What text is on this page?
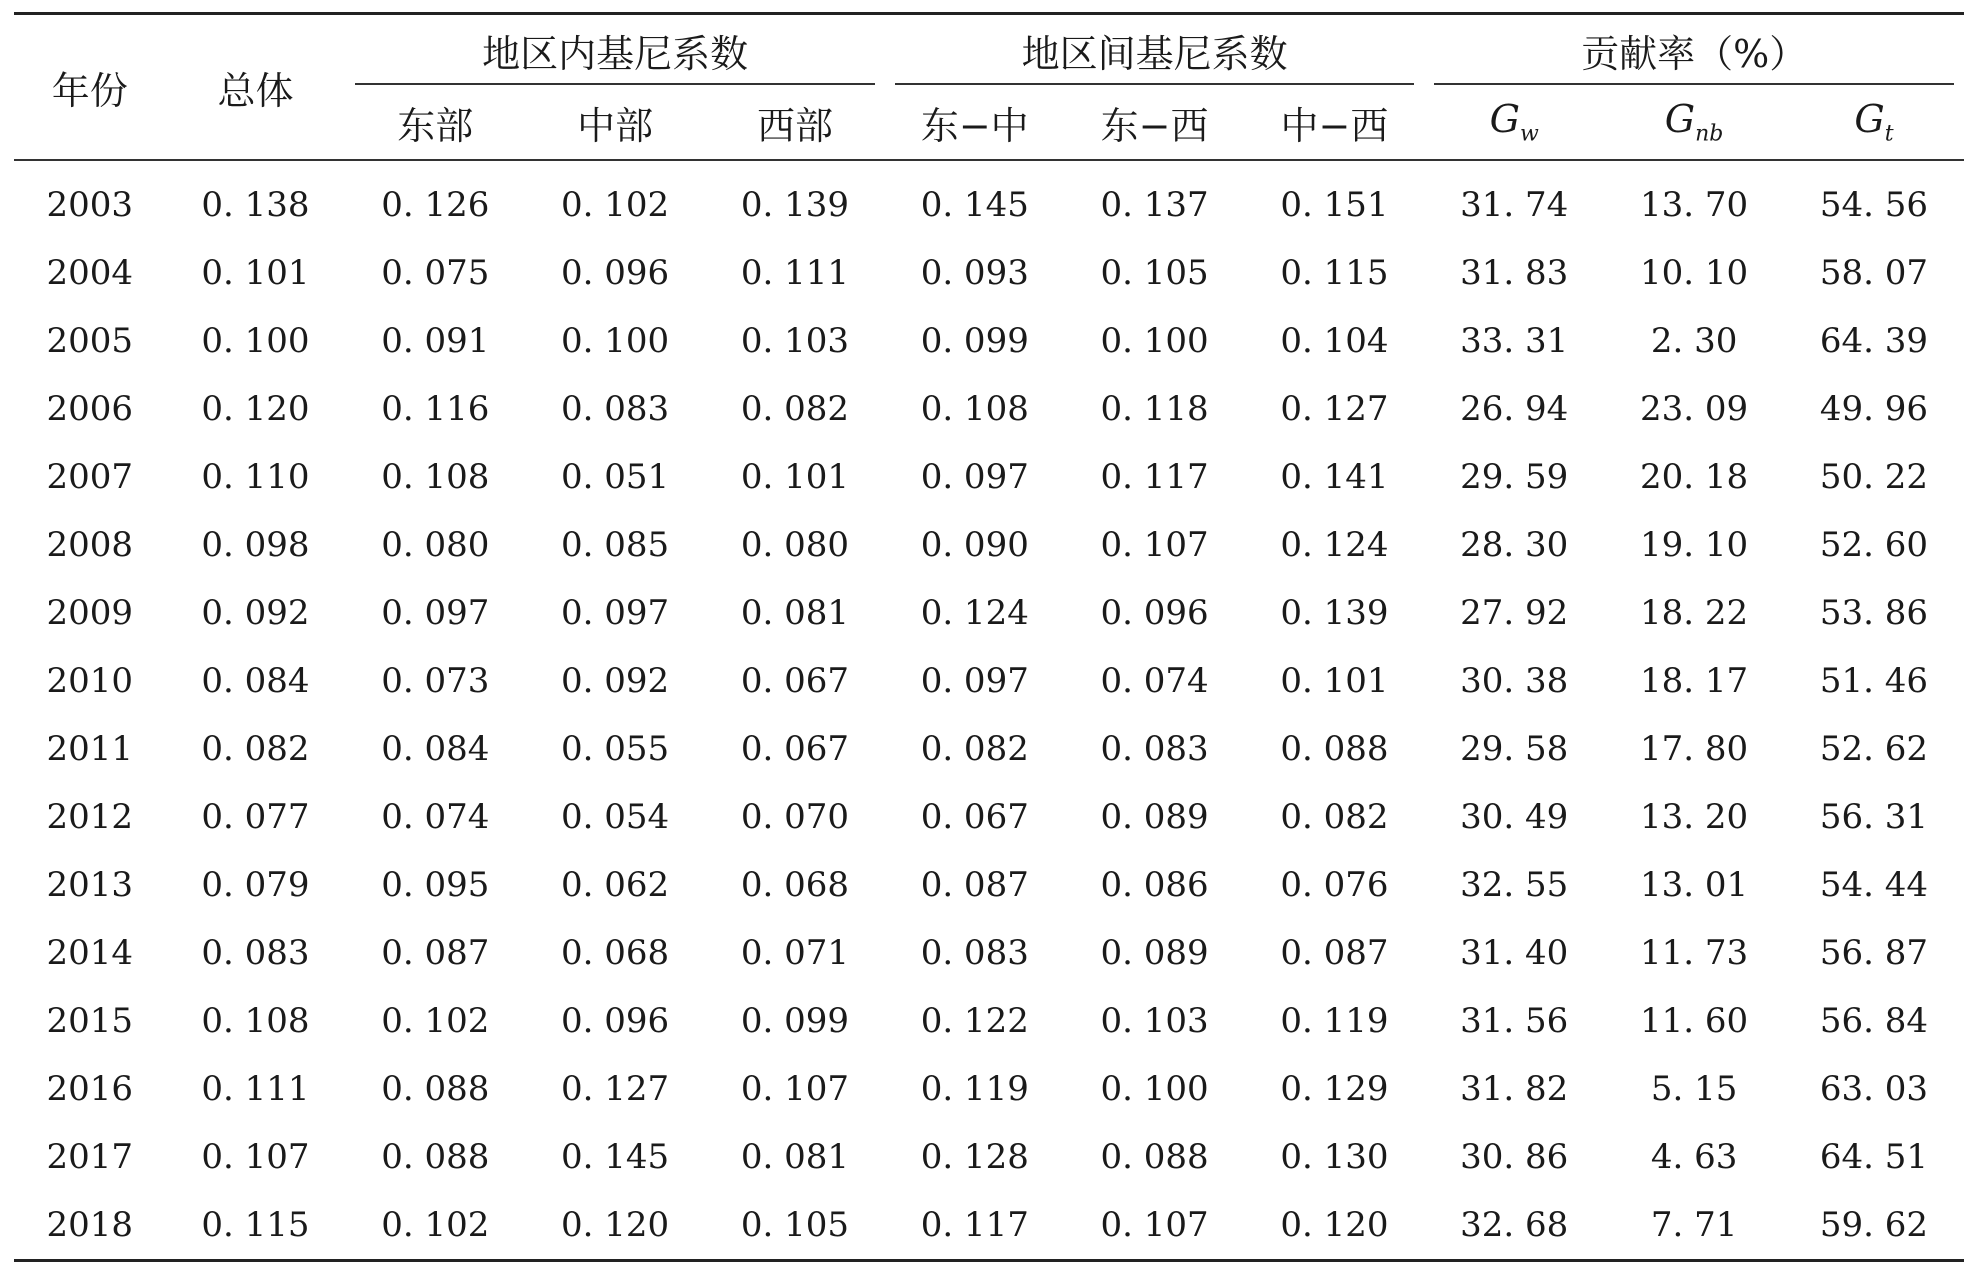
年份	总体	地区内基尼系数			地区间基尼系数			贡献率（%）		
		东部	中部	西部	东−中	东−西	中−西	$G_w$	$G_{nb}$	$G_t$
2003	0. 138	0. 126	0. 102	0. 139	0. 145	0. 137	0. 151	31. 74	13. 70	54. 56
2004	0. 101	0. 075	0. 096	0. 111	0. 093	0. 105	0. 115	31. 83	10. 10	58. 07
2005	0. 100	0. 091	0. 100	0. 103	0. 099	0. 100	0. 104	33. 31	2. 30	64. 39
2006	0. 120	0. 116	0. 083	0. 082	0. 108	0. 118	0. 127	26. 94	23. 09	49. 96
2007	0. 110	0. 108	0. 051	0. 101	0. 097	0. 117	0. 141	29. 59	20. 18	50. 22
2008	0. 098	0. 080	0. 085	0. 080	0. 090	0. 107	0. 124	28. 30	19. 10	52. 60
2009	0. 092	0. 097	0. 097	0. 081	0. 124	0. 096	0. 139	27. 92	18. 22	53. 86
2010	0. 084	0. 073	0. 092	0. 067	0. 097	0. 074	0. 101	30. 38	18. 17	51. 46
2011	0. 082	0. 084	0. 055	0. 067	0. 082	0. 083	0. 088	29. 58	17. 80	52. 62
2012	0. 077	0. 074	0. 054	0. 070	0. 067	0. 089	0. 082	30. 49	13. 20	56. 31
2013	0. 079	0. 095	0. 062	0. 068	0. 087	0. 086	0. 076	32. 55	13. 01	54. 44
2014	0. 083	0. 087	0. 068	0. 071	0. 083	0. 089	0. 087	31. 40	11. 73	56. 87
2015	0. 108	0. 102	0. 096	0. 099	0. 122	0. 103	0. 119	31. 56	11. 60	56. 84
2016	0. 111	0. 088	0. 127	0. 107	0. 119	0. 100	0. 129	31. 82	5. 15	63. 03
2017	0. 107	0. 088	0. 145	0. 081	0. 128	0. 088	0. 130	30. 86	4. 63	64. 51
2018	0. 115	0. 102	0. 120	0. 105	0. 117	0. 107	0. 120	32. 68	7. 71	59. 62
